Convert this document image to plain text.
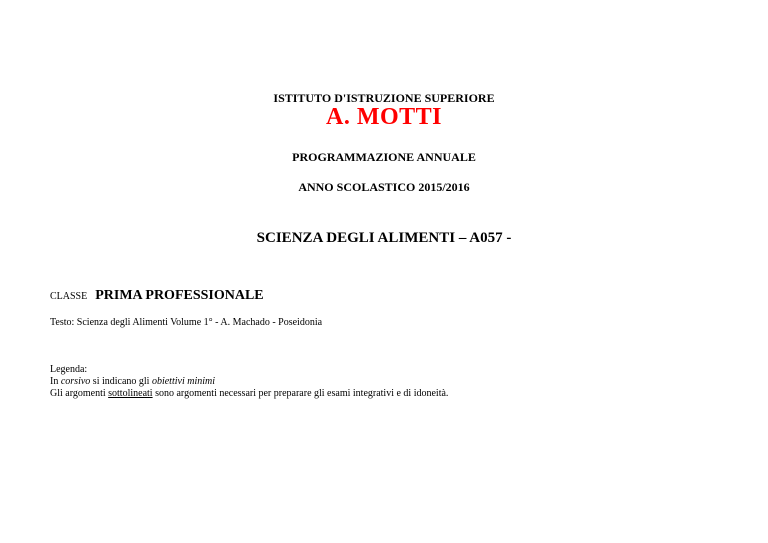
ISTITUTO D'ISTRUZIONE SUPERIORE
A. MOTTI
PROGRAMMAZIONE ANNUALE
ANNO SCOLASTICO 2015/2016
SCIENZA DEGLI ALIMENTI – A057 -
CLASSE PRIMA PROFESSIONALE
Testo: Scienza degli Alimenti Volume 1° - A. Machado - Poseidonia
Legenda:
In corsivo si indicano gli obiettivi minimi
Gli argomenti sottolineati sono argomenti necessari per preparare gli esami integrativi e di idoneità.
